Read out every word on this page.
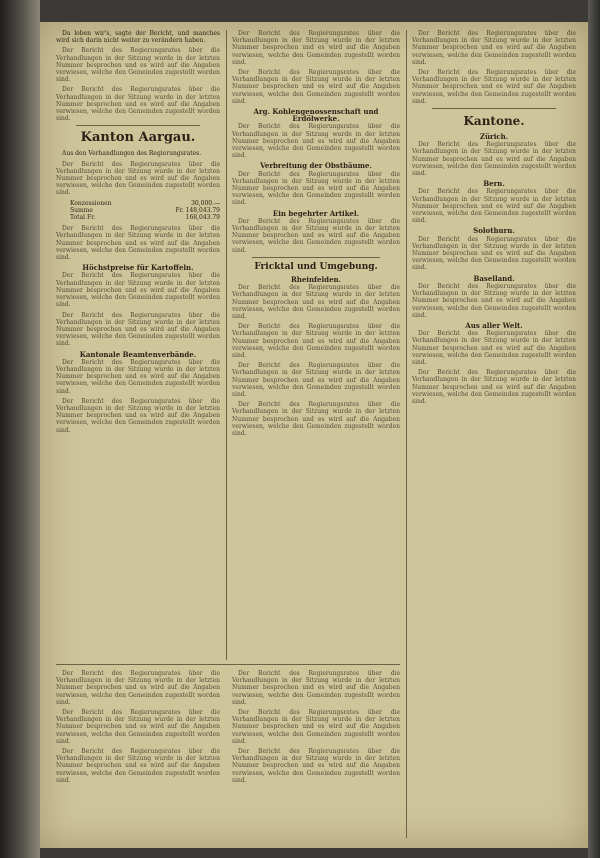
Da loben wir's, sagte der Bericht, und manches wird sich darin nicht weiter zu verändern haben.

Der Bericht des Regierungsrates über die Verhandlungen in der Sitzung wurde in der letzten Nummer besprochen und es wird auf die Angaben verwiesen, welche den Gemeinden zugestellt worden sind.

Der Bericht des Regierungsrates über die Verhandlungen in der Sitzung wurde in der letzten Nummer besprochen und es wird auf die Angaben verwiesen, welche den Gemeinden zugestellt worden sind.

Kanton Aargau.

Aus den Verhandlungen des Regierungsrates.

Der Bericht des Regierungsrates über die Verhandlungen in der Sitzung wurde in der letzten Nummer besprochen und es wird auf die Angaben verwiesen, welche den Gemeinden zugestellt worden sind.

Konzessionen	30,000.—
Summe	Fr. 148,043.79
Total Fr.	168,043.79

Der Bericht des Regierungsrates über die Verhandlungen in der Sitzung wurde in der letzten Nummer besprochen und es wird auf die Angaben verwiesen, welche den Gemeinden zugestellt worden sind.

Höchstpreise für Kartoffeln.

Der Bericht des Regierungsrates über die Verhandlungen in der Sitzung wurde in der letzten Nummer besprochen und es wird auf die Angaben verwiesen, welche den Gemeinden zugestellt worden sind.

Der Bericht des Regierungsrates über die Verhandlungen in der Sitzung wurde in der letzten Nummer besprochen und es wird auf die Angaben verwiesen, welche den Gemeinden zugestellt worden sind.

Kantonale Beamtenverbände.

Der Bericht des Regierungsrates über die Verhandlungen in der Sitzung wurde in der letzten Nummer besprochen und es wird auf die Angaben verwiesen, welche den Gemeinden zugestellt worden sind.

Der Bericht des Regierungsrates über die Verhandlungen in der Sitzung wurde in der letzten Nummer besprochen und es wird auf die Angaben verwiesen, welche den Gemeinden zugestellt worden sind.

Der Bericht des Regierungsrates über die Verhandlungen in der Sitzung wurde in der letzten Nummer besprochen und es wird auf die Angaben verwiesen, welche den Gemeinden zugestellt worden sind.

Der Bericht des Regierungsrates über die Verhandlungen in der Sitzung wurde in der letzten Nummer besprochen und es wird auf die Angaben verwiesen, welche den Gemeinden zugestellt worden sind.

Arg. Kohlengenossenschaft und Erdölwerke.

Der Bericht des Regierungsrates über die Verhandlungen in der Sitzung wurde in der letzten Nummer besprochen und es wird auf die Angaben verwiesen, welche den Gemeinden zugestellt worden sind.

Verbreitung der Obstbäume.

Der Bericht des Regierungsrates über die Verhandlungen in der Sitzung wurde in der letzten Nummer besprochen und es wird auf die Angaben verwiesen, welche den Gemeinden zugestellt worden sind.

Ein begehrter Artikel.

Der Bericht des Regierungsrates über die Verhandlungen in der Sitzung wurde in der letzten Nummer besprochen und es wird auf die Angaben verwiesen, welche den Gemeinden zugestellt worden sind.

Fricktal und Umgebung.
Rheinfelden.

Der Bericht des Regierungsrates über die Verhandlungen in der Sitzung wurde in der letzten Nummer besprochen und es wird auf die Angaben verwiesen, welche den Gemeinden zugestellt worden sind.

Der Bericht des Regierungsrates über die Verhandlungen in der Sitzung wurde in der letzten Nummer besprochen und es wird auf die Angaben verwiesen, welche den Gemeinden zugestellt worden sind.

Der Bericht des Regierungsrates über die Verhandlungen in der Sitzung wurde in der letzten Nummer besprochen und es wird auf die Angaben verwiesen, welche den Gemeinden zugestellt worden sind.

Der Bericht des Regierungsrates über die Verhandlungen in der Sitzung wurde in der letzten Nummer besprochen und es wird auf die Angaben verwiesen, welche den Gemeinden zugestellt worden sind.

Der Bericht des Regierungsrates über die Verhandlungen in der Sitzung wurde in der letzten Nummer besprochen und es wird auf die Angaben verwiesen, welche den Gemeinden zugestellt worden sind.

Der Bericht des Regierungsrates über die Verhandlungen in der Sitzung wurde in der letzten Nummer besprochen und es wird auf die Angaben verwiesen, welche den Gemeinden zugestellt worden sind.

Kantone.
Zürich.

Der Bericht des Regierungsrates über die Verhandlungen in der Sitzung wurde in der letzten Nummer besprochen und es wird auf die Angaben verwiesen, welche den Gemeinden zugestellt worden sind.

Bern.

Der Bericht des Regierungsrates über die Verhandlungen in der Sitzung wurde in der letzten Nummer besprochen und es wird auf die Angaben verwiesen, welche den Gemeinden zugestellt worden sind.

Solothurn.

Der Bericht des Regierungsrates über die Verhandlungen in der Sitzung wurde in der letzten Nummer besprochen und es wird auf die Angaben verwiesen, welche den Gemeinden zugestellt worden sind.

Baselland.

Der Bericht des Regierungsrates über die Verhandlungen in der Sitzung wurde in der letzten Nummer besprochen und es wird auf die Angaben verwiesen, welche den Gemeinden zugestellt worden sind.

Aus aller Welt.

Der Bericht des Regierungsrates über die Verhandlungen in der Sitzung wurde in der letzten Nummer besprochen und es wird auf die Angaben verwiesen, welche den Gemeinden zugestellt worden sind.

Der Bericht des Regierungsrates über die Verhandlungen in der Sitzung wurde in der letzten Nummer besprochen und es wird auf die Angaben verwiesen, welche den Gemeinden zugestellt worden sind.

Der Bericht des Regierungsrates über die Verhandlungen in der Sitzung wurde in der letzten Nummer besprochen und es wird auf die Angaben verwiesen, welche den Gemeinden zugestellt worden sind.

Der Bericht des Regierungsrates über die Verhandlungen in der Sitzung wurde in der letzten Nummer besprochen und es wird auf die Angaben verwiesen, welche den Gemeinden zugestellt worden sind.

Der Bericht des Regierungsrates über die Verhandlungen in der Sitzung wurde in der letzten Nummer besprochen und es wird auf die Angaben verwiesen, welche den Gemeinden zugestellt worden sind.

Der Bericht des Regierungsrates über die Verhandlungen in der Sitzung wurde in der letzten Nummer besprochen und es wird auf die Angaben verwiesen, welche den Gemeinden zugestellt worden sind.

Der Bericht des Regierungsrates über die Verhandlungen in der Sitzung wurde in der letzten Nummer besprochen und es wird auf die Angaben verwiesen, welche den Gemeinden zugestellt worden sind.

Der Bericht des Regierungsrates über die Verhandlungen in der Sitzung wurde in der letzten Nummer besprochen und es wird auf die Angaben verwiesen, welche den Gemeinden zugestellt worden sind.
